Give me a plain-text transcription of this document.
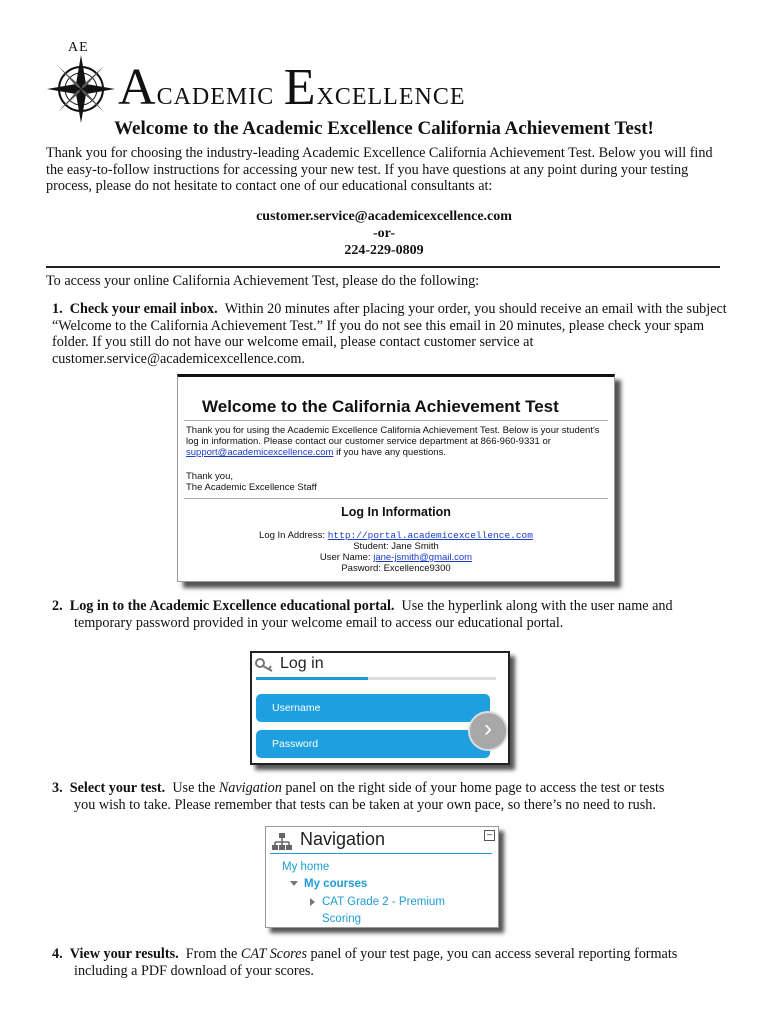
AE
Academic Excellence
Welcome to the Academic Excellence California Achievement Test!

Thank you for choosing the industry-leading Academic Excellence California Achievement Test. Below you will find the easy-to-follow instructions for accessing your new test. If you have questions at any point during your testing process, please do not hesitate to contact one of our educational consultants at:

customer.service@academicexcellence.com
-or-
224-229-0809

To access your online California Achievement Test, please do the following:

1. Check your email inbox. Within 20 minutes after placing your order, you should receive an email with the subject “Welcome to the California Achievement Test.” If you do not see this email in 20 minutes, please check your spam folder. If you still do not have our welcome email, please contact customer service at customer.service@academicexcellence.com.

Welcome to the California Achievement Test

Thank you for using the Academic Excellence California Achievement Test. Below is your student's log in information. Please contact our customer service department at 866-960-9331 or support@academicexcellence.com if you have any questions.

Thank you,
The Academic Excellence Staff
Log In Information
Log In Address: http://portal.academicexcellence.com
Student: Jane Smith
User Name: jane-jsmith@gmail.com
Pasword: Excellence9300

2. Log in to the Academic Excellence educational portal. Use the hyperlink along with the user name and
temporary password provided in your welcome email to access our educational portal.

Log in
Username
Password
›

3. Select your test. Use the Navigation panel on the right side of your home page to access the test or tests
you wish to take. Please remember that tests can be taken at your own pace, so there’s no need to rush.

Navigation	–
My home
My courses
CAT Grade 2 - Premium
Scoring

4. View your results. From the CAT Scores panel of your test page, you can access several reporting formats
including a PDF download of your scores.
